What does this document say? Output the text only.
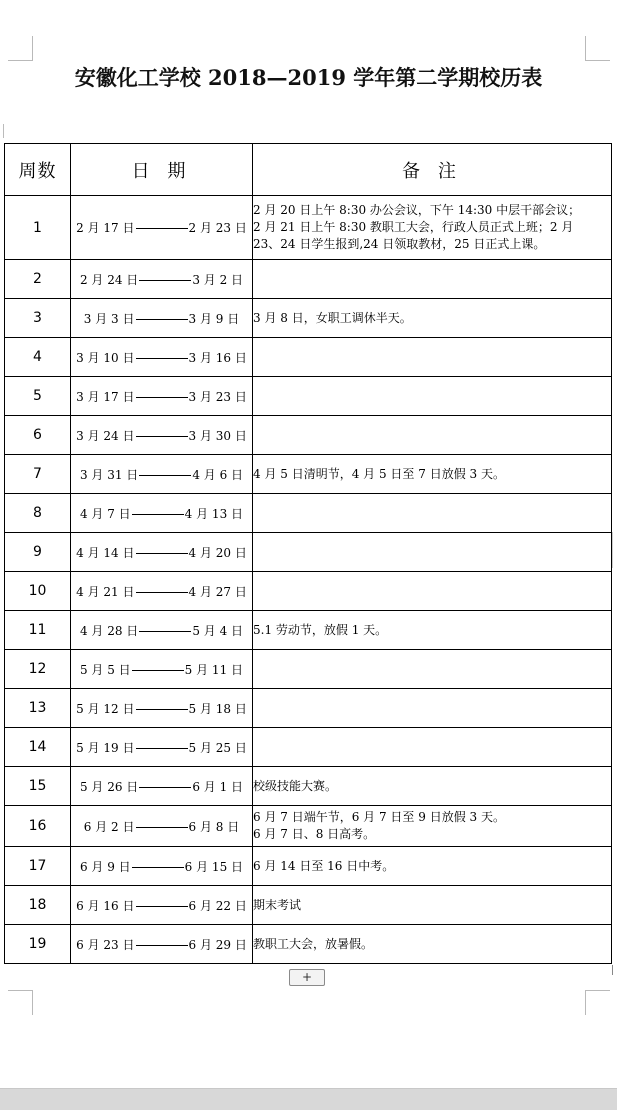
安徽化工学校 2018—2019 学年第二学期校历表
周数	日 期	备 注
1	2 月 17 日 2 月 23 日	2 月 20 日上午 8:30 办公会议，下午 14:30 中层干部会议；
2 月 21 日上午 8:30 教职工大会，行政人员正式上班；2 月
23、24 日学生报到,24 日领取教材，25 日正式上课。

2	2 月 24 日 3 月 2 日	
3	3 月 3 日 3 月 9 日	3 月 8 日，女职工调休半天。

4	3 月 10 日 3 月 16 日	
5	3 月 17 日 3 月 23 日	
6	3 月 24 日 3 月 30 日	
7	3 月 31 日 4 月 6 日	4 月 5 日清明节，4 月 5 日至 7 日放假 3 天。

8	4 月 7 日 4 月 13 日	
9	4 月 14 日 4 月 20 日	
10	4 月 21 日 4 月 27 日	
11	4 月 28 日 5 月 4 日	5.1 劳动节，放假 1 天。

12	5 月 5 日 5 月 11 日	
13	5 月 12 日 5 月 18 日	
14	5 月 19 日 5 月 25 日	
15	5 月 26 日 6 月 1 日	校级技能大赛。

16	6 月 2 日 6 月 8 日	6 月 7 日端午节，6 月 7 日至 9 日放假 3 天。
6 月 7 日、8 日高考。

17	6 月 9 日 6 月 15 日	6 月 14 日至 16 日中考。

18	6 月 16 日 6 月 22 日	期末考试

19	6 月 23 日 6 月 29 日	教职工大会，放暑假。
+
